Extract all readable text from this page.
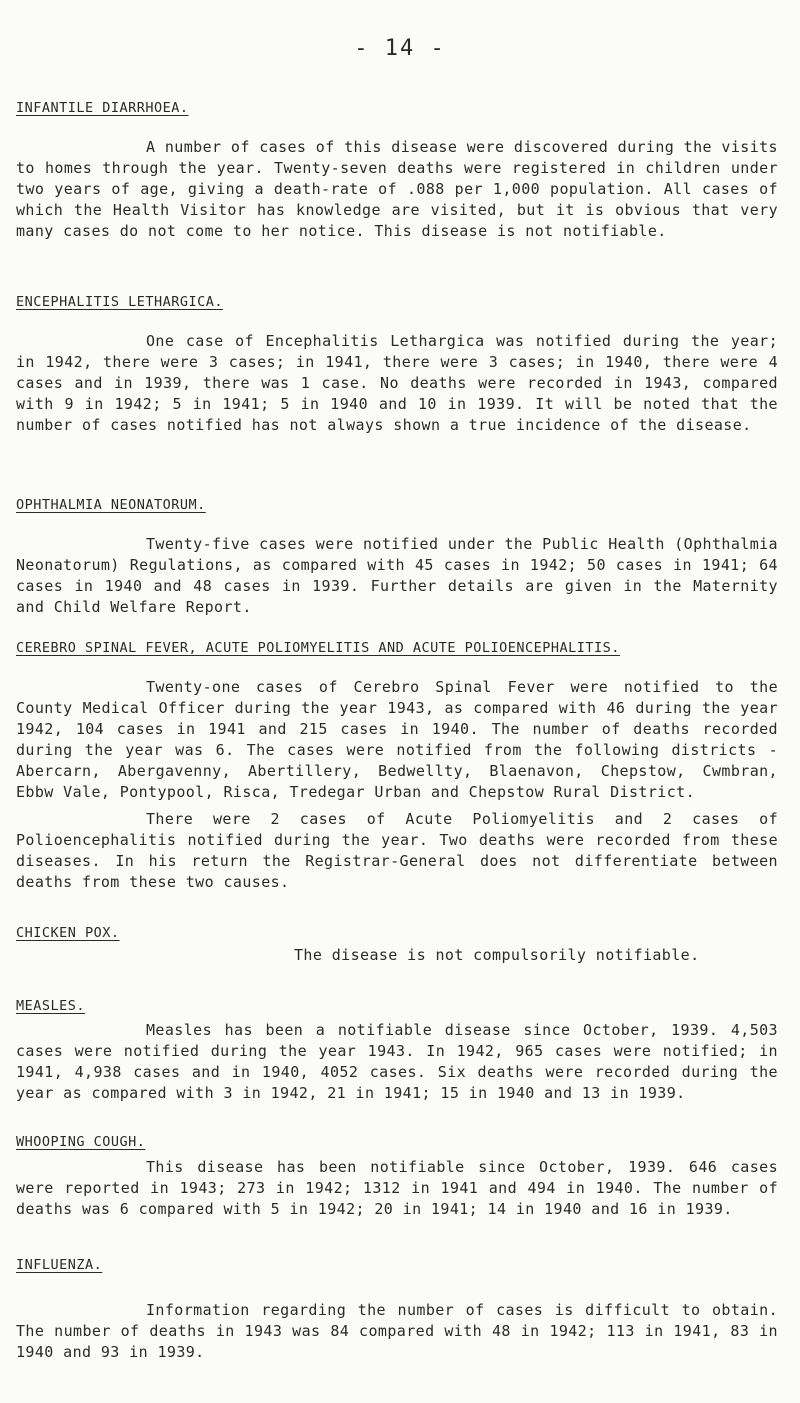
- 14 -
INFANTILE DIARRHOEA.

A number of cases of this disease were discovered during the visits to homes through the year. Twenty-seven deaths were registered in children under two years of age, giving a death-rate of .088 per 1,000 population. All cases of which the Health Visitor has knowledge are visited, but it is obvious that very many cases do not come to her notice. This disease is not notifiable.

ENCEPHALITIS LETHARGICA.

One case of Encephalitis Lethargica was notified during the year; in 1942, there were 3 cases; in 1941, there were 3 cases; in 1940, there were 4 cases and in 1939, there was 1 case. No deaths were recorded in 1943, compared with 9 in 1942; 5 in 1941; 5 in 1940 and 10 in 1939. It will be noted that the number of cases notified has not always shown a true incidence of the disease.

OPHTHALMIA NEONATORUM.

Twenty-five cases were notified under the Public Health (Ophthalmia Neonatorum) Regulations, as compared with 45 cases in 1942; 50 cases in 1941; 64 cases in 1940 and 48 cases in 1939. Further details are given in the Maternity and Child Welfare Report.

CEREBRO SPINAL FEVER, ACUTE POLIOMYELITIS AND ACUTE POLIOENCEPHALITIS.

Twenty-one cases of Cerebro Spinal Fever were notified to the County Medical Officer during the year 1943, as compared with 46 during the year 1942, 104 cases in 1941 and 215 cases in 1940. The number of deaths recorded during the year was 6. The cases were notified from the following districts - Abercarn, Abergavenny, Abertillery, Bedwellty, Blaenavon, Chepstow, Cwmbran, Ebbw Vale, Pontypool, Risca, Tredegar Urban and Chepstow Rural District.

There were 2 cases of Acute Poliomyelitis and 2 cases of Polioencephalitis notified during the year. Two deaths were recorded from these diseases. In his return the Registrar-General does not differentiate between deaths from these two causes.

CHICKEN POX.

The disease is not compulsorily notifiable.

MEASLES.

Measles has been a notifiable disease since October, 1939. 4,503 cases were notified during the year 1943. In 1942, 965 cases were notified; in 1941, 4,938 cases and in 1940, 4052 cases. Six deaths were recorded during the year as compared with 3 in 1942, 21 in 1941; 15 in 1940 and 13 in 1939.

WHOOPING COUGH.

This disease has been notifiable since October, 1939. 646 cases were reported in 1943; 273 in 1942; 1312 in 1941 and 494 in 1940. The number of deaths was 6 compared with 5 in 1942; 20 in 1941; 14 in 1940 and 16 in 1939.

INFLUENZA.

Information regarding the number of cases is difficult to obtain. The number of deaths in 1943 was 84 compared with 48 in 1942; 113 in 1941, 83 in 1940 and 93 in 1939.
